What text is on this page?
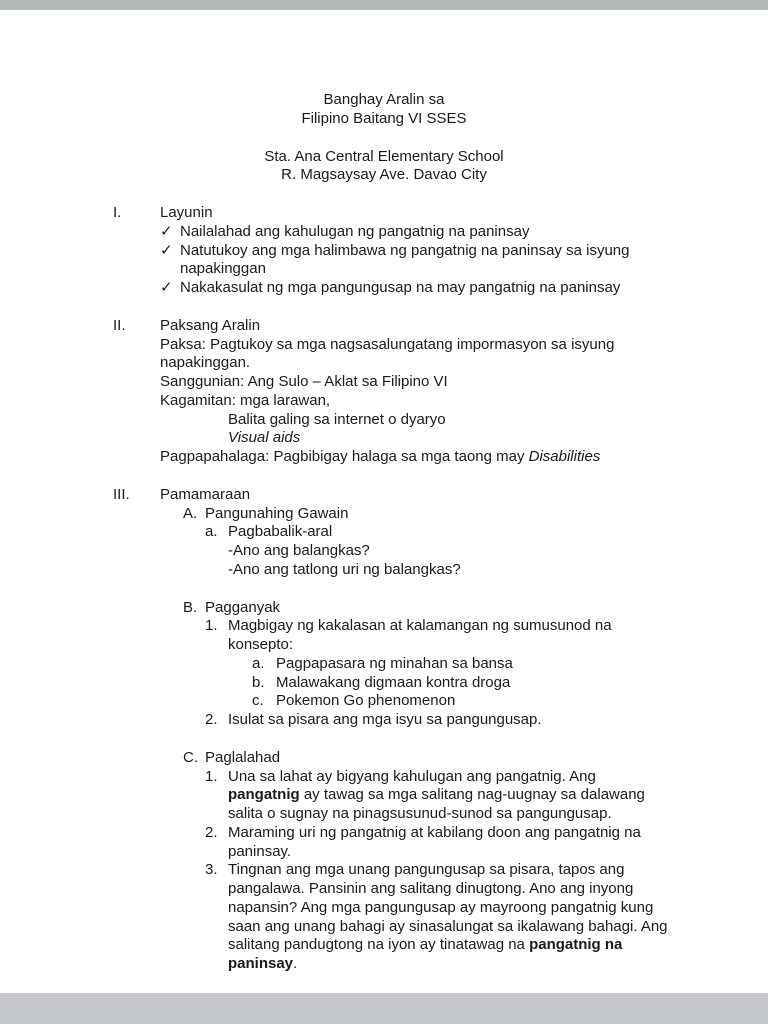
Banghay Aralin sa
Filipino Baitang VI SSES
Sta. Ana Central Elementary School
R. Magsaysay Ave. Davao City
I.	Layunin
✓ Nailalahad ang kahulugan ng pangatnig na paninsay
✓ Natutukoy ang mga halimbawa ng pangatnig na paninsay sa isyung napakinggan
✓ Nakakasulat ng mga pangungusap na may pangatnig na paninsay
II.	Paksang Aralin
Paksa: Pagtukoy sa mga nagsasalungatang impormasyon sa isyung napakinggan.
Sanggunian: Ang Sulo – Aklat sa Filipino VI
Kagamitan: mga larawan,
Balita galing sa internet o dyaryo
Visual aids
Pagpapahalaga: Pagbibigay halaga sa mga taong may Disabilities
III.	Pamamaraan
A. Pangunahing Gawain
a. Pagbabalik-aral
-Ano ang balangkas?
-Ano ang tatlong uri ng balangkas?
B. Pagganyak
1. Magbigay ng kakalasan at kalamangan ng sumusunod na konsepto:
a. Pagpapasara ng minahan sa bansa
b. Malawakang digmaan kontra droga
c. Pokemon Go phenomenon
2. Isulat sa pisara ang mga isyu sa pangungusap.
C. Paglalahad
1. Una sa lahat ay bigyang kahulugan ang pangatnig. Ang pangatnig ay tawag sa mga salitang nag-uugnay sa dalawang salita o sugnay na pinagsusunud-sunod sa pangungusap.
2. Maraming uri ng pangatnig at kabilang doon ang pangatnig na paninsay.
3. Tingnan ang mga unang pangungusap sa pisara, tapos ang pangalawa. Pansinin ang salitang dinugtong. Ano ang inyong napansin? Ang mga pangungusap ay mayroong pangatnig kung saan ang unang bahagi ay sinasalungat sa ikalawang bahagi. Ang salitang pandugtong na iyon ay tinatawag na pangatnig na paninsay.
